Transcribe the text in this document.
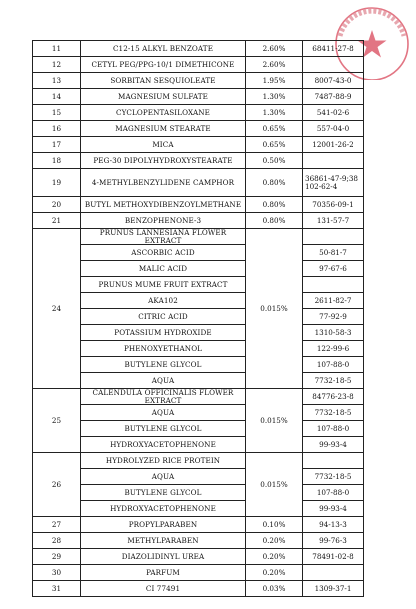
11	C12-15 ALKYL BENZOATE	2.60%	68411-27-8
12	CETYL PEG/PPG-10/1 DIMETHICONE	2.60%	
13	SORBITAN SESQUIOLEATE	1.95%	8007-43-0
14	MAGNESIUM SULFATE	1.30%	7487-88-9
15	CYCLOPENTASILOXANE	1.30%	541-02-6
16	MAGNESIUM STEARATE	0.65%	557-04-0
17	MICA	0.65%	12001-26-2
18	PEG-30 DIPOLYHYDROXYSTEARATE	0.50%	
19	4-METHYLBENZYLIDENE CAMPHOR	0.80%	36861-47-9;38102-62-4
20	BUTYL METHOXYDIBENZOYLMETHANE	0.80%	70356-09-1
21	BENZOPHENONE-3	0.80%	131-57-7
24	PRUNUS LANNESIANA FLOWER EXTRACT	0.015%	
	ASCORBIC ACID		50-81-7
	MALIC ACID		97-67-6
	PRUNUS MUME FRUIT EXTRACT		
	AKA102		2611-82-7
	CITRIC ACID		77-92-9
	POTASSIUM HYDROXIDE		1310-58-3
	PHENOXYETHANOL		122-99-6
	BUTYLENE GLYCOL		107-88-0
	AQUA		7732-18-5
25	CALENDULA OFFICINALIS FLOWER EXTRACT	0.015%	84776-23-8
	AQUA		7732-18-5
	BUTYLENE GLYCOL		107-88-0
	HYDROXYACETOPHENONE		99-93-4
26	HYDROLYZED RICE PROTEIN	0.015%	
	AQUA		7732-18-5
	BUTYLENE GLYCOL		107-88-0
	HYDROXYACETOPHENONE		99-93-4
27	PROPYLPARABEN	0.10%	94-13-3
28	METHYLPARABEN	0.20%	99-76-3
29	DIAZOLIDINYL UREA	0.20%	78491-02-8
30	PARFUM	0.20%	
31	CI 77491	0.03%	1309-37-1
